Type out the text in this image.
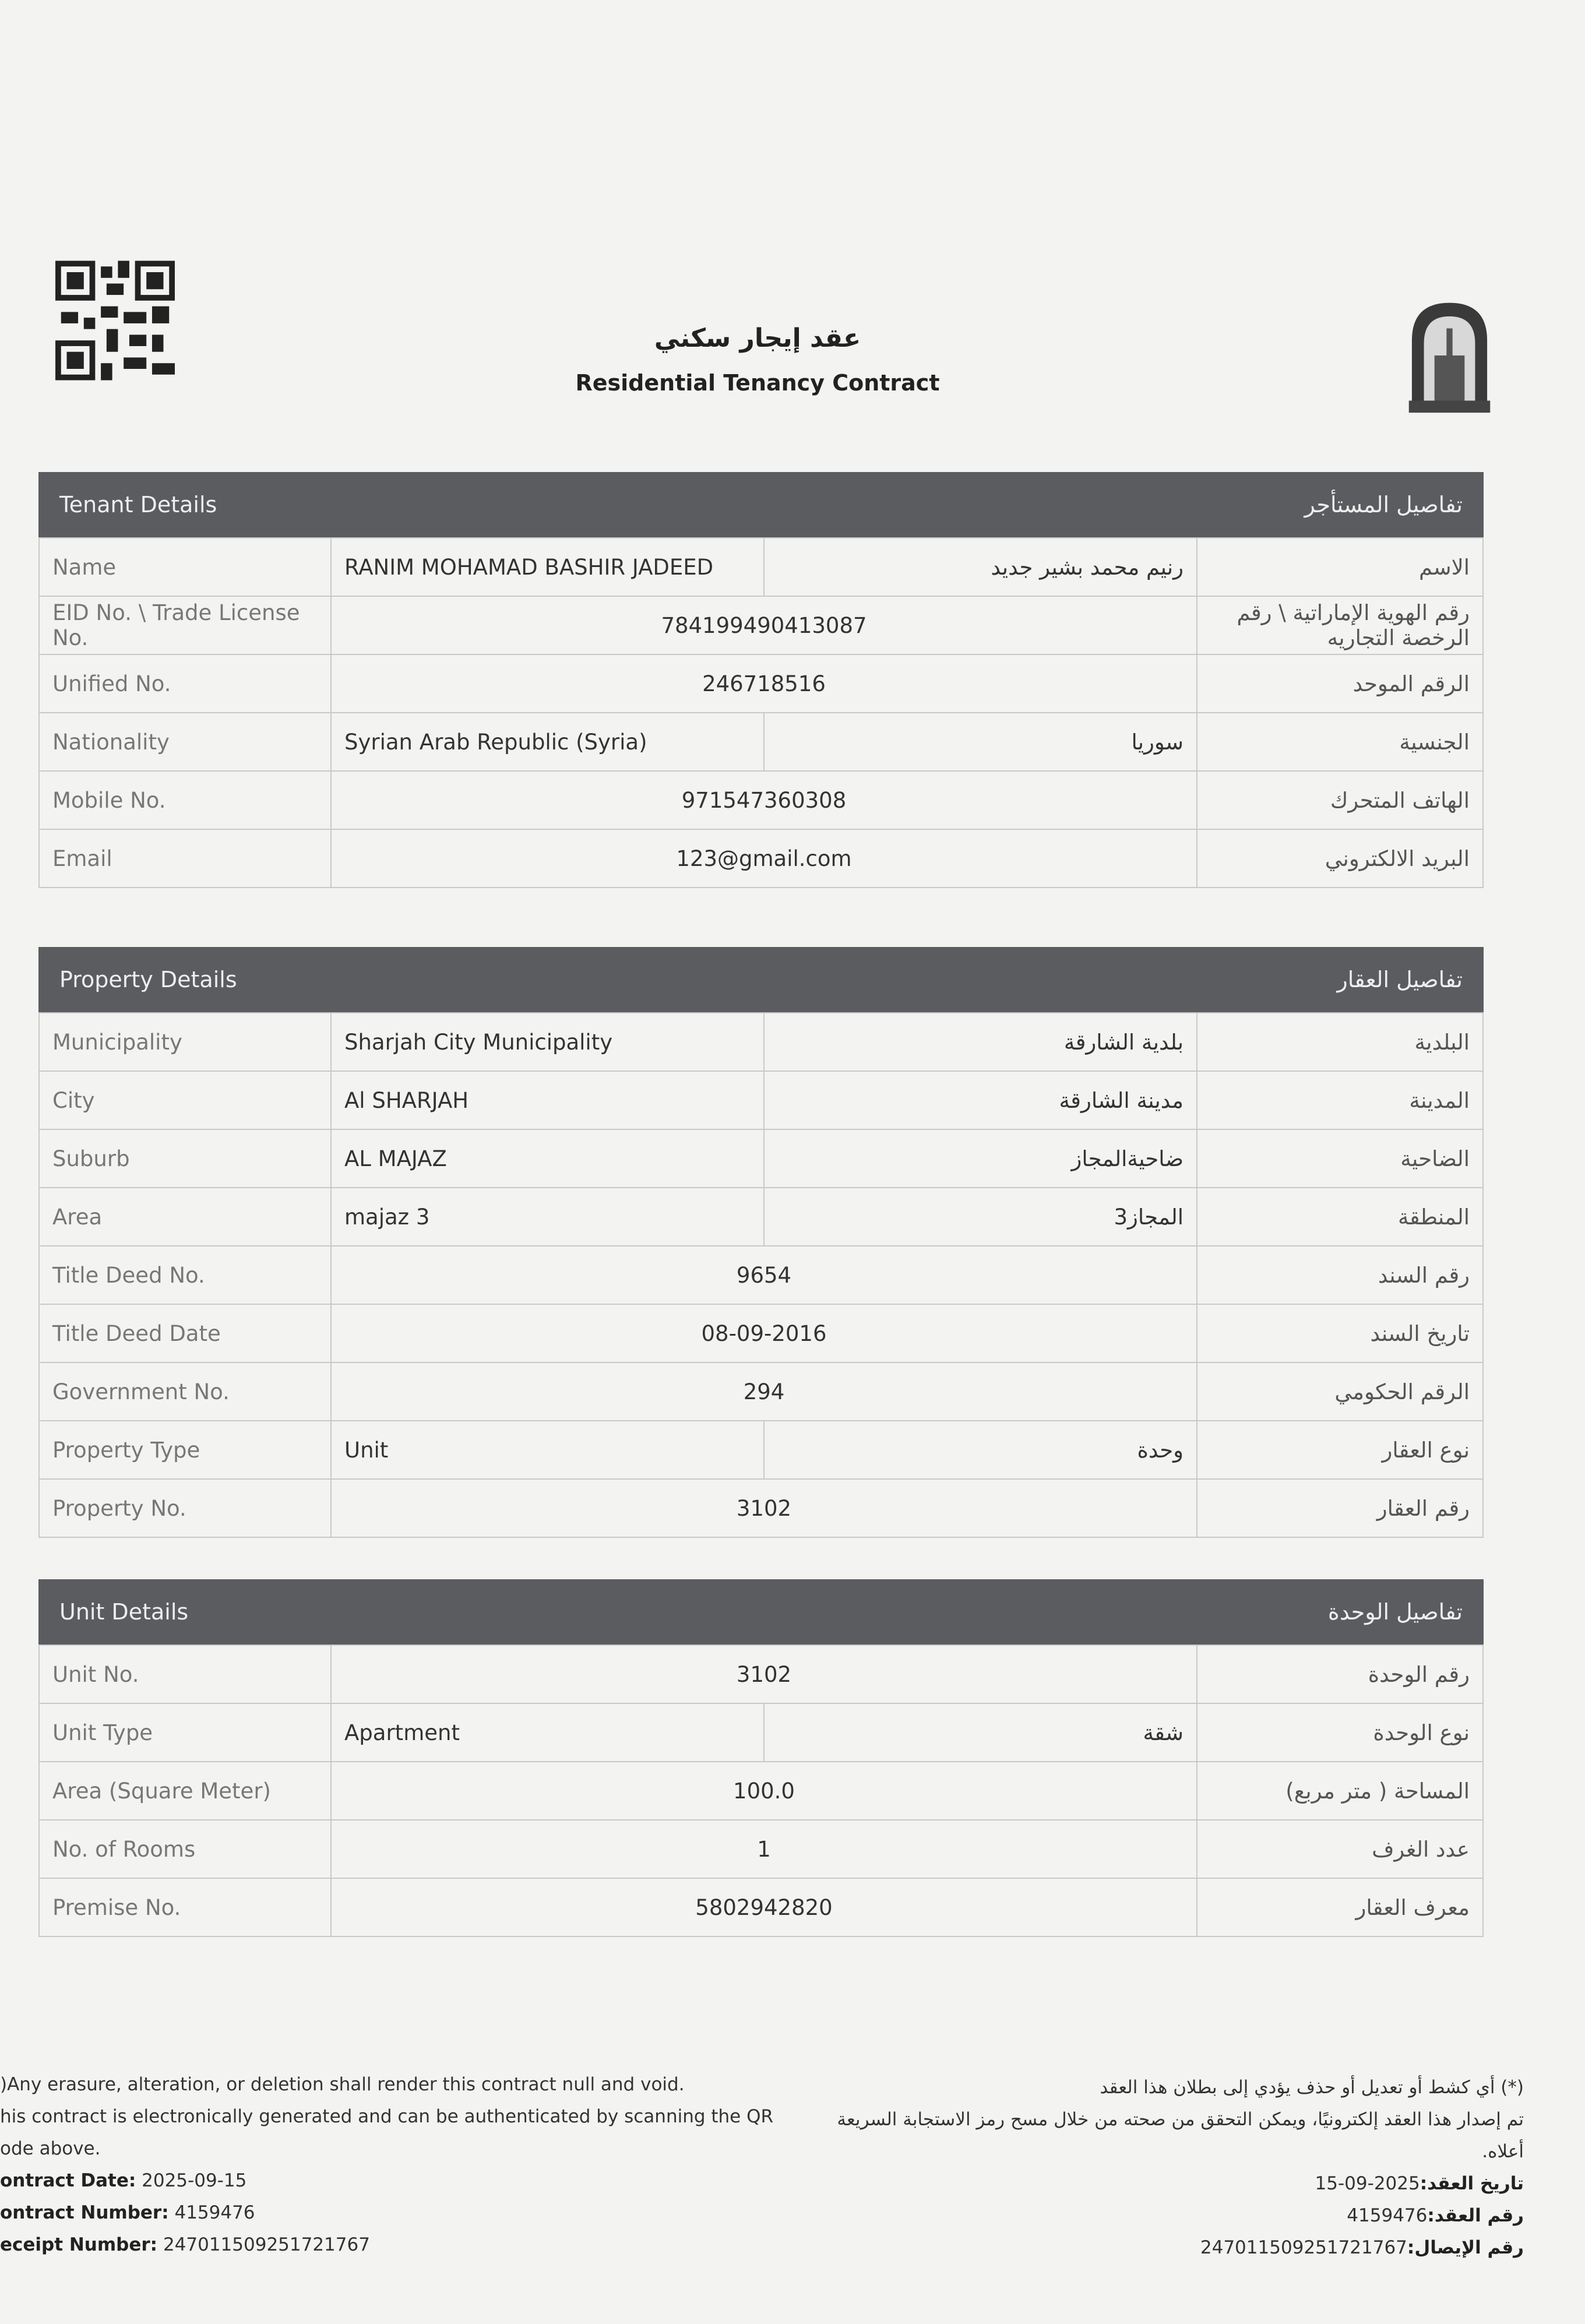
عقد إيجار سكني
Residential Tenancy Contract
Tenant Details	تفاصيل المستأجر
Name	RANIM MOHAMAD BASHIR JADEED	رنيم محمد بشير جديد	الاسم
EID No. \ Trade License No.	784199490413087		رقم الهوية الإماراتية \ رقم الرخصة التجاريه
Unified No.	246718516		الرقم الموحد
Nationality	Syrian Arab Republic (Syria)	سوريا	الجنسية
Mobile No.	971547360308		الهاتف المتحرك
Email	123@gmail.com		البريد الالكتروني
Property Details	تفاصيل العقار
Municipality	Sharjah City Municipality	بلدية الشارقة	البلدية
City	Al SHARJAH	مدينة الشارقة	المدينة
Suburb	AL MAJAZ	ضاحيةالمجاز	الضاحية
Area	majaz 3	المجاز3	المنطقة
Title Deed No.	9654		رقم السند
Title Deed Date	08-09-2016		تاريخ السند
Government No.	294		الرقم الحكومي
Property Type	Unit	وحدة	نوع العقار
Property No.	3102		رقم العقار
Unit Details	تفاصيل الوحدة
Unit No.	3102		رقم الوحدة
Unit Type	Apartment	شقة	نوع الوحدة
Area (Square Meter)	100.0		المساحة ( متر مربع)
No. of Rooms	1		عدد الغرف
Premise No.	5802942820		معرف العقار
)Any erasure, alteration, or deletion shall render this contract null and void.
his contract is electronically generated and can be authenticated by scanning the QR
ode above.
ontract Date: 2025-09-15
ontract Number: 4159476
eceipt Number: 247011509251721767
(*) أي كشط أو تعديل أو حذف يؤدي إلى بطلان هذا العقد
تم إصدار هذا العقد إلكترونيًا، ويمكن التحقق من صحته من خلال مسح رمز الاستجابة السريعة أعلاه.
تاريخ العقد:2025-09-15
رقم العقد:4159476
رقم الإيصال:247011509251721767
